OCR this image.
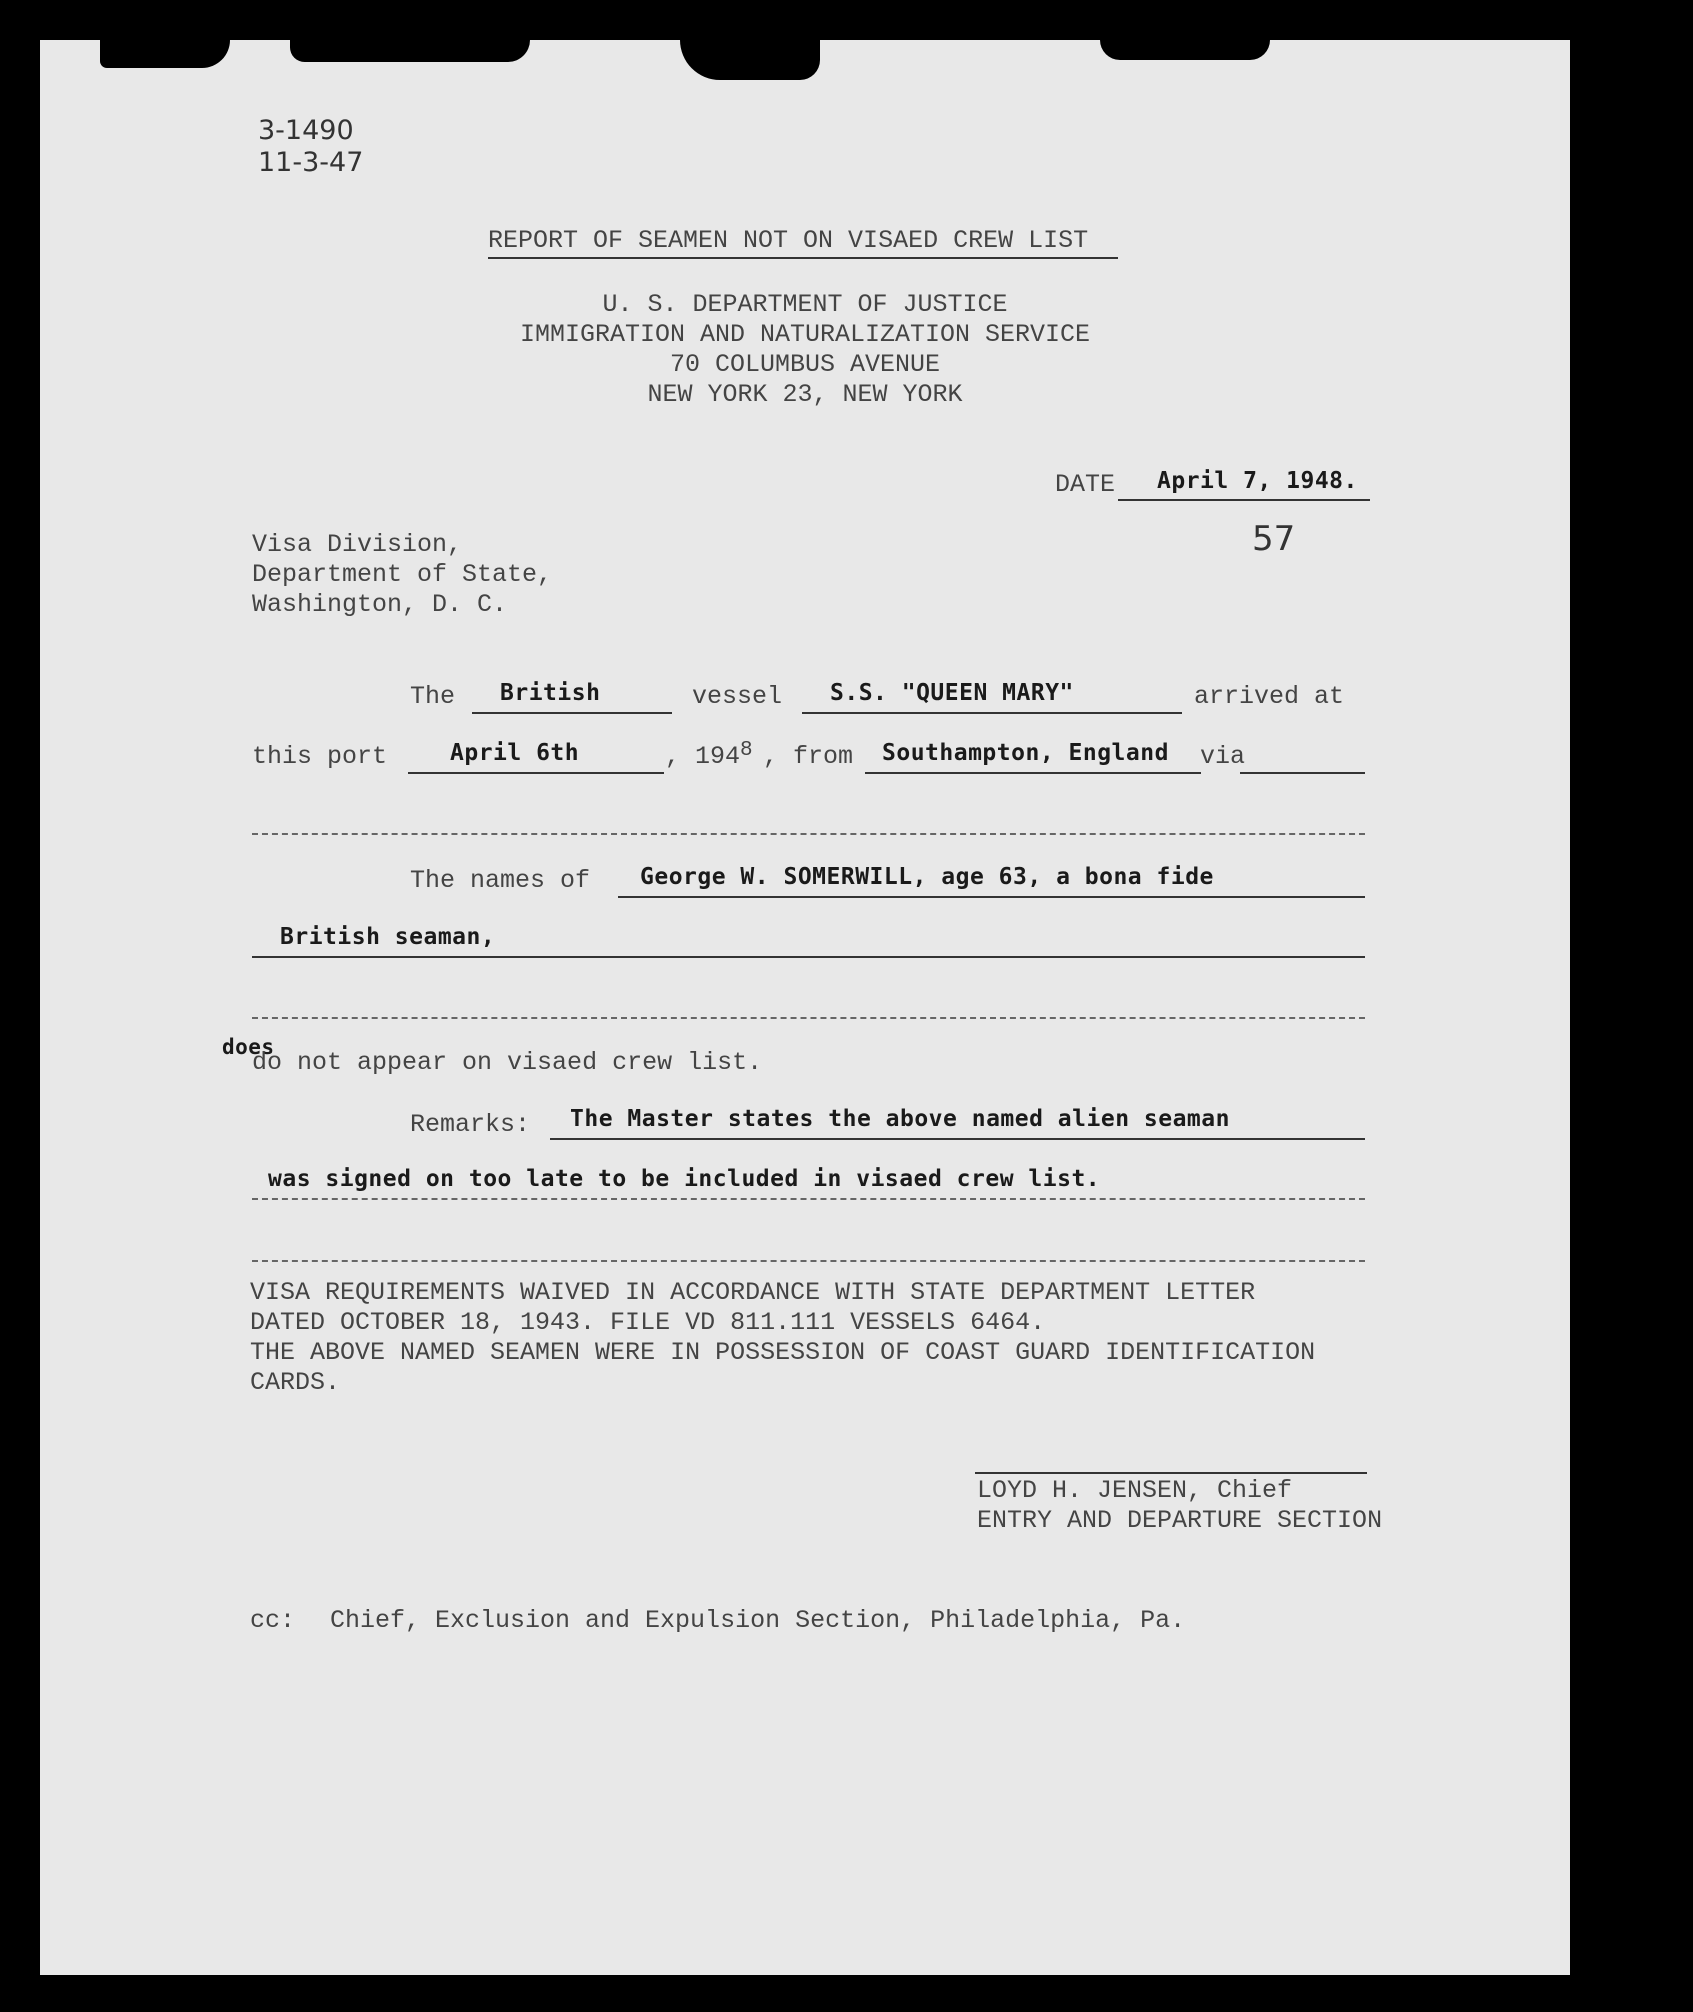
3-1490
11-3-47
REPORT OF SEAMEN NOT ON VISAED CREW LIST
U. S. DEPARTMENT OF JUSTICE
IMMIGRATION AND NATURALIZATION SERVICE
70 COLUMBUS AVENUE
NEW YORK 23, NEW YORK
DATE April 7, 1948.
57
Visa Division,
Department of State,
Washington, D. C.
The British	vessel S.S. "QUEEN MARY"	arrived at
this port	April 6th	, $194^8$ , from Southampton, England via
The names of George W. SOMERWILL, age 63, a bona fide
British seaman,
does
do not appear on visaed crew list.
Remarks: The Master states the above named alien seaman
was signed on too late to be included in visaed crew list.
VISA REQUIREMENTS WAIVED IN ACCORDANCE WITH STATE DEPARTMENT LETTER
DATED OCTOBER 18, 1943. FILE VD 811.111 VESSELS 6464.
THE ABOVE NAMED SEAMEN WERE IN POSSESSION OF COAST GUARD IDENTIFICATION
CARDS.
LOYD H. JENSEN, Chief
ENTRY AND DEPARTURE SECTION
cc: Chief, Exclusion and Expulsion Section, Philadelphia, Pa.
